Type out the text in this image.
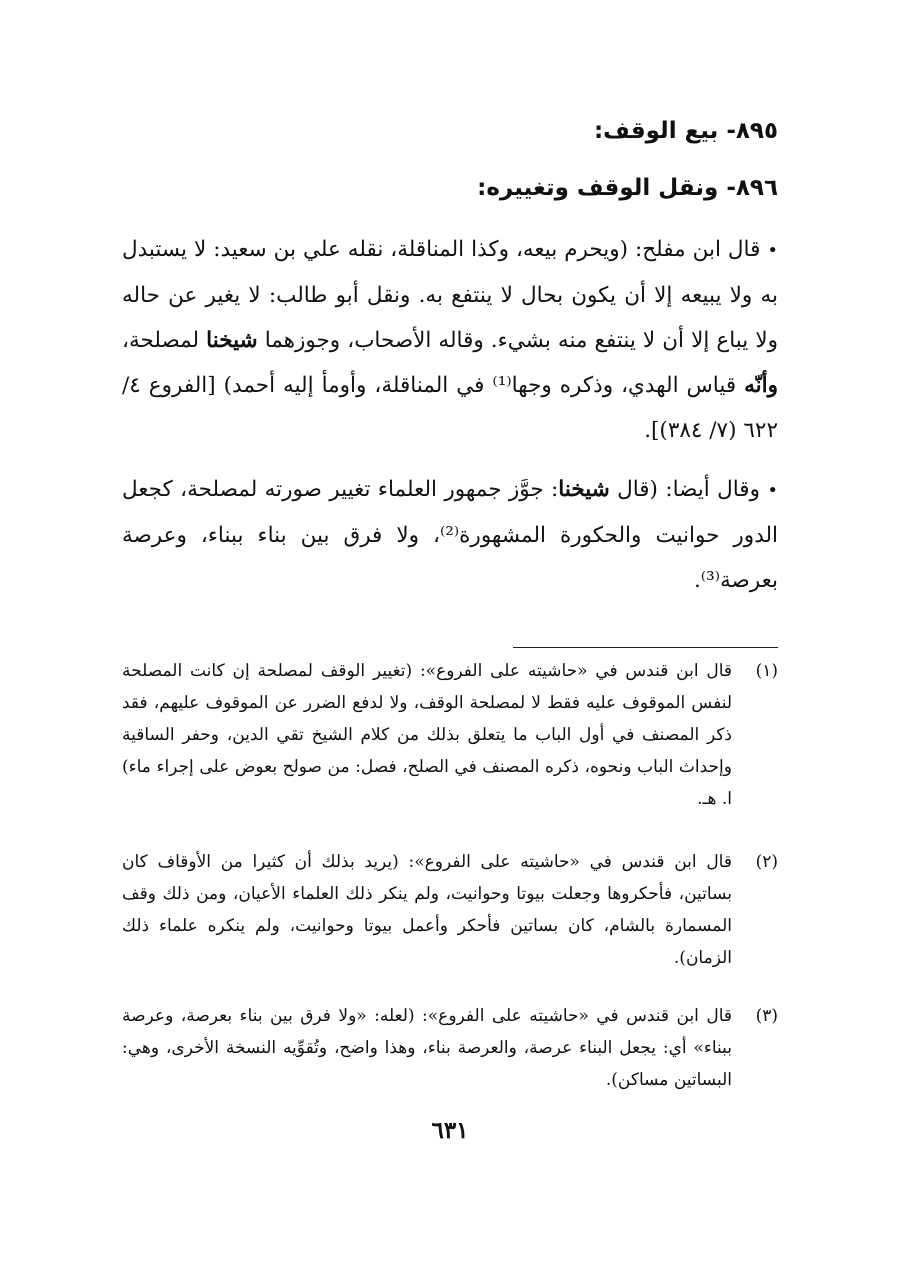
٨٩٥- بيع الوقف:
٨٩٦- ونقل الوقف وتغييره:

• قال ابن مفلح: (ويحرم بيعه، وكذا المناقلة، نقله علي بن سعيد: لا يستبدل به ولا يبيعه إلا أن يكون بحال لا ينتفع به. ونقل أبو طالب: لا يغير عن حاله ولا يباع إلا أن لا ينتفع منه بشيء. وقاله الأصحاب، وجوزهما شيخنا لمصلحة، وأنّه قياس الهدي، وذكره وجها⁽¹⁾ في المناقلة، وأومأ إليه أحمد) [الفروع ٤/ ٦٢٢ (٧/ ٣٨٤)].

• وقال أيضا: (قال شيخنا: جوَّز جمهور العلماء تغيير صورته لمصلحة، كجعل الدور حوانيت والحكورة المشهورة⁽²⁾، ولا فرق بين بناء ببناء، وعرصة بعرصة⁽³⁾.

(١)
قال ابن قندس في «حاشيته على الفروع»: (تغيير الوقف لمصلحة إن كانت المصلحة لنفس الموقوف عليه فقط لا لمصلحة الوقف، ولا لدفع الضرر عن الموقوف عليهم، فقد ذكر المصنف في أول الباب ما يتعلق بذلك من كلام الشيخ تقي الدين، وحفر الساقية وإحداث الباب ونحوه، ذكره المصنف في الصلح، فصل: من صولح بعوض على إجراء ماء) ا. هـ.
(٢)
قال ابن قندس في «حاشيته على الفروع»: (يريد بذلك أن كثيرا من الأوقاف كان بساتين، فأحكروها وجعلت بيوتا وحوانيت، ولم ينكر ذلك العلماء الأعيان، ومن ذلك وقف المسمارة بالشام، كان بساتين فأحكر وأعمل بيوتا وحوانيت، ولم ينكره علماء ذلك الزمان).
(٣)
قال ابن قندس في «حاشيته على الفروع»: (لعله: «ولا فرق بين بناء بعرصة، وعرصة ببناء» أي: يجعل البناء عرصة، والعرصة بناء، وهذا واضح، وتُقوِّيه النسخة الأخرى، وهي: البساتين مساكن).
٦٣١
